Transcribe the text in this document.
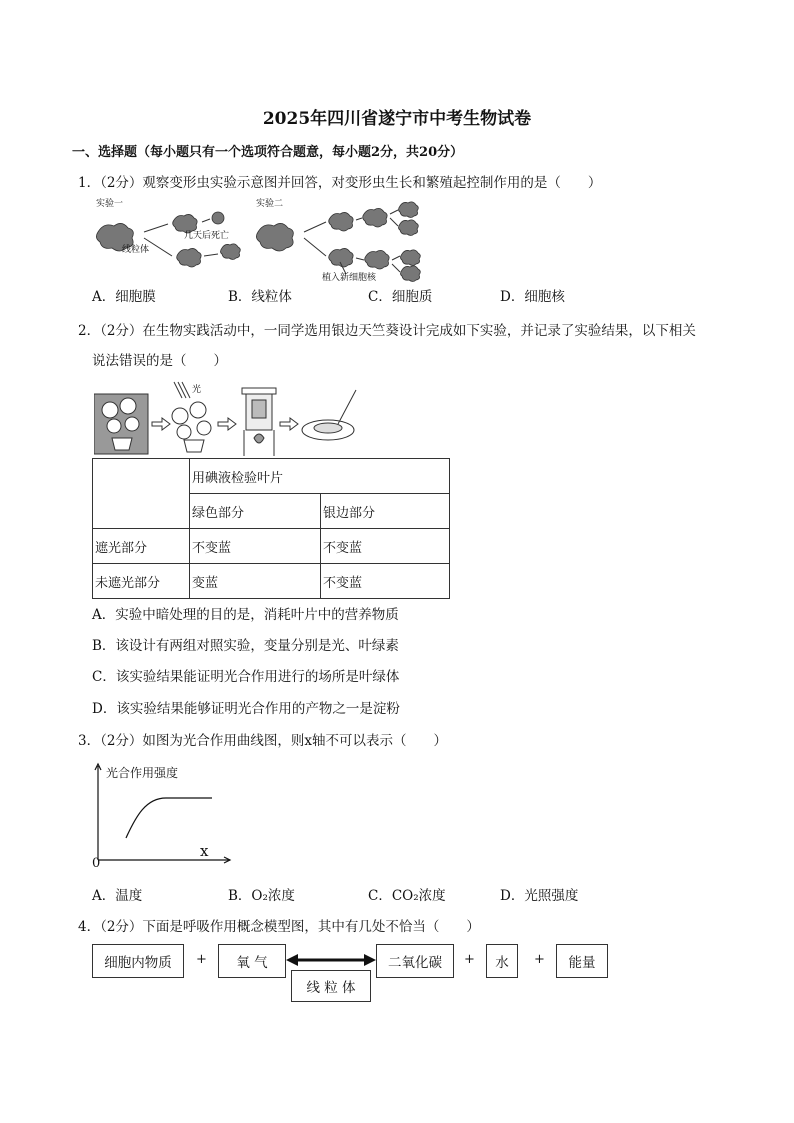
2025年四川省遂宁市中考生物试卷
一、选择题（每小题只有一个选项符合题意，每小题2分，共20分）
1．（2分）观察变形虫实验示意图并回答，对变形虫生长和繁殖起控制作用的是（　　）
实验一	实验二
线粒体
几天后死亡
植入新细胞核
A．细胞膜	B．线粒体	C．细胞质	D．细胞核
2．（2分）在生物实践活动中，一同学选用银边天竺葵设计完成如下实验，并记录了实验结果，以下相关
说法错误的是（　　）
光
	用碘液检验叶片	
	绿色部分	银边部分
遮光部分	不变蓝	不变蓝
未遮光部分	变蓝	不变蓝
A．实验中暗处理的目的是，消耗叶片中的营养物质
B．该设计有两组对照实验，变量分别是光、叶绿素
C．该实验结果能证明光合作用进行的场所是叶绿体
D．该实验结果能够证明光合作用的产物之一是淀粉
3．（2分）如图为光合作用曲线图，则x轴不可以表示（　　）
光合作用强度
x
0
A．温度	B．O₂浓度	C．CO₂浓度	D．光照强度
4．（2分）下面是呼吸作用概念模型图，其中有几处不恰当（　　）
细胞内物质	+	氧 气
线 粒 体
二氧化碳	+	水	+	能量
